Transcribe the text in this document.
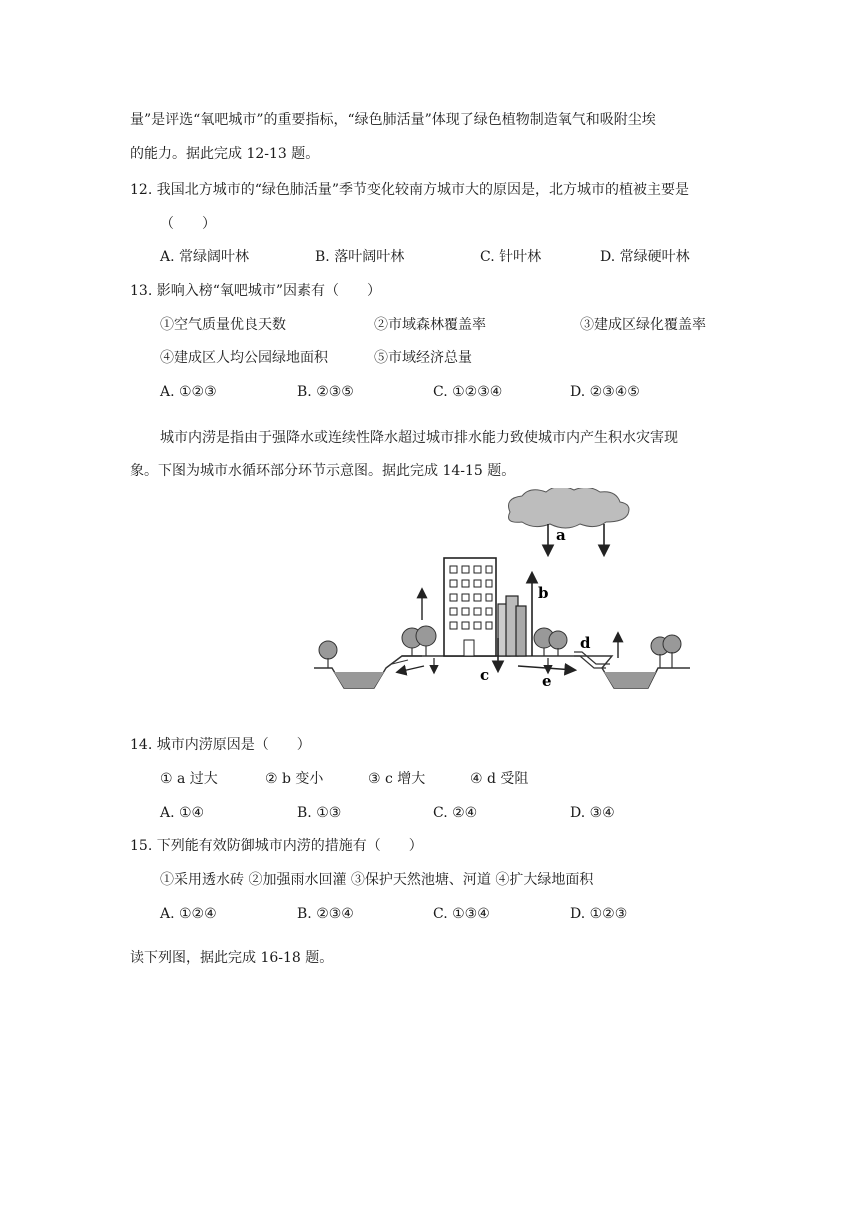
量”是评选“氧吧城市”的重要指标，“绿色肺活量”体现了绿色植物制造氧气和吸附尘埃
的能力。据此完成 12-13 题。
12. 我国北方城市的“绿色肺活量”季节变化较南方城市大的原因是，北方城市的植被主要是
（　　）
A. 常绿阔叶林	B. 落叶阔叶林	C. 针叶林	D. 常绿硬叶林
13. 影响入榜“氧吧城市”因素有（　　）
①空气质量优良天数	②市域森林覆盖率	③建成区绿化覆盖率
④建成区人均公园绿地面积	⑤市域经济总量
A. ①②③	B. ②③⑤	C. ①②③④	D. ②③④⑤
城市内涝是指由于强降水或连续性降水超过城市排水能力致使城市内产生积水灾害现
象。下图为城市水循环部分环节示意图。据此完成 14-15 题。
a
b
c	e
d
14. 城市内涝原因是（　　）
① a 过大	② b 变小	③ c 增大	④ d 受阻
A. ①④	B. ①③	C. ②④	D. ③④
15. 下列能有效防御城市内涝的措施有（　　）
①采用透水砖 ②加强雨水回灌 ③保护天然池塘、河道 ④扩大绿地面积
A. ①②④	B. ②③④	C. ①③④	D. ①②③
读下列图，据此完成 16-18 题。
